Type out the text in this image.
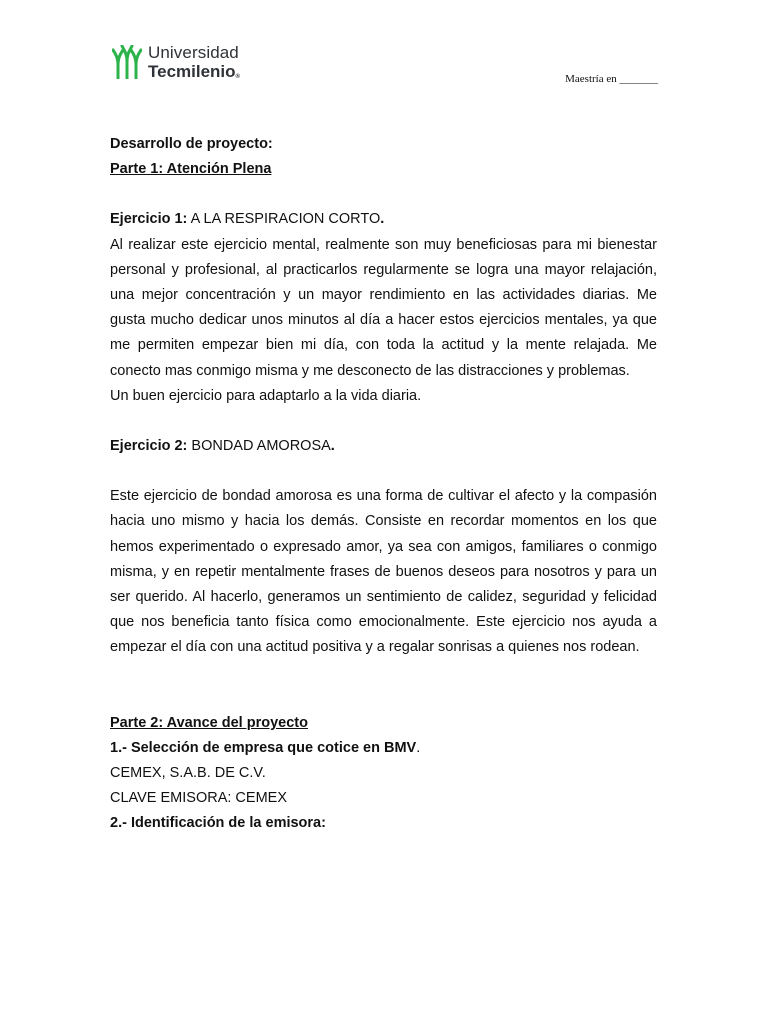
Universidad
Tecmilenio®	Maestría en _______

Desarrollo de proyecto:

Parte 1: Atención Plena

Ejercicio 1: A LA RESPIRACION CORTO.

Al realizar este ejercicio mental, realmente son muy beneficiosas para mi bienestar personal y profesional, al practicarlos regularmente se logra una mayor relajación, una mejor concentración y un mayor rendimiento en las actividades diarias. Me gusta mucho dedicar unos minutos al día a hacer estos ejercicios mentales, ya que me permiten empezar bien mi día, con toda la actitud y la mente relajada. Me conecto mas conmigo misma y me desconecto de las distracciones y problemas.

Un buen ejercicio para adaptarlo a la vida diaria.

Ejercicio 2: BONDAD AMOROSA.

Este ejercicio de bondad amorosa es una forma de cultivar el afecto y la compasión hacia uno mismo y hacia los demás. Consiste en recordar momentos en los que hemos experimentado o expresado amor, ya sea con amigos, familiares o conmigo misma, y en repetir mentalmente frases de buenos deseos para nosotros y para un ser querido. Al hacerlo, generamos un sentimiento de calidez, seguridad y felicidad que nos beneficia tanto física como emocionalmente. Este ejercicio nos ayuda a empezar el día con una actitud positiva y a regalar sonrisas a quienes nos rodean.

Parte 2: Avance del proyecto

1.- Selección de empresa que cotice en BMV.

CEMEX, S.A.B. DE C.V.

CLAVE EMISORA: CEMEX

2.- Identificación de la emisora:
